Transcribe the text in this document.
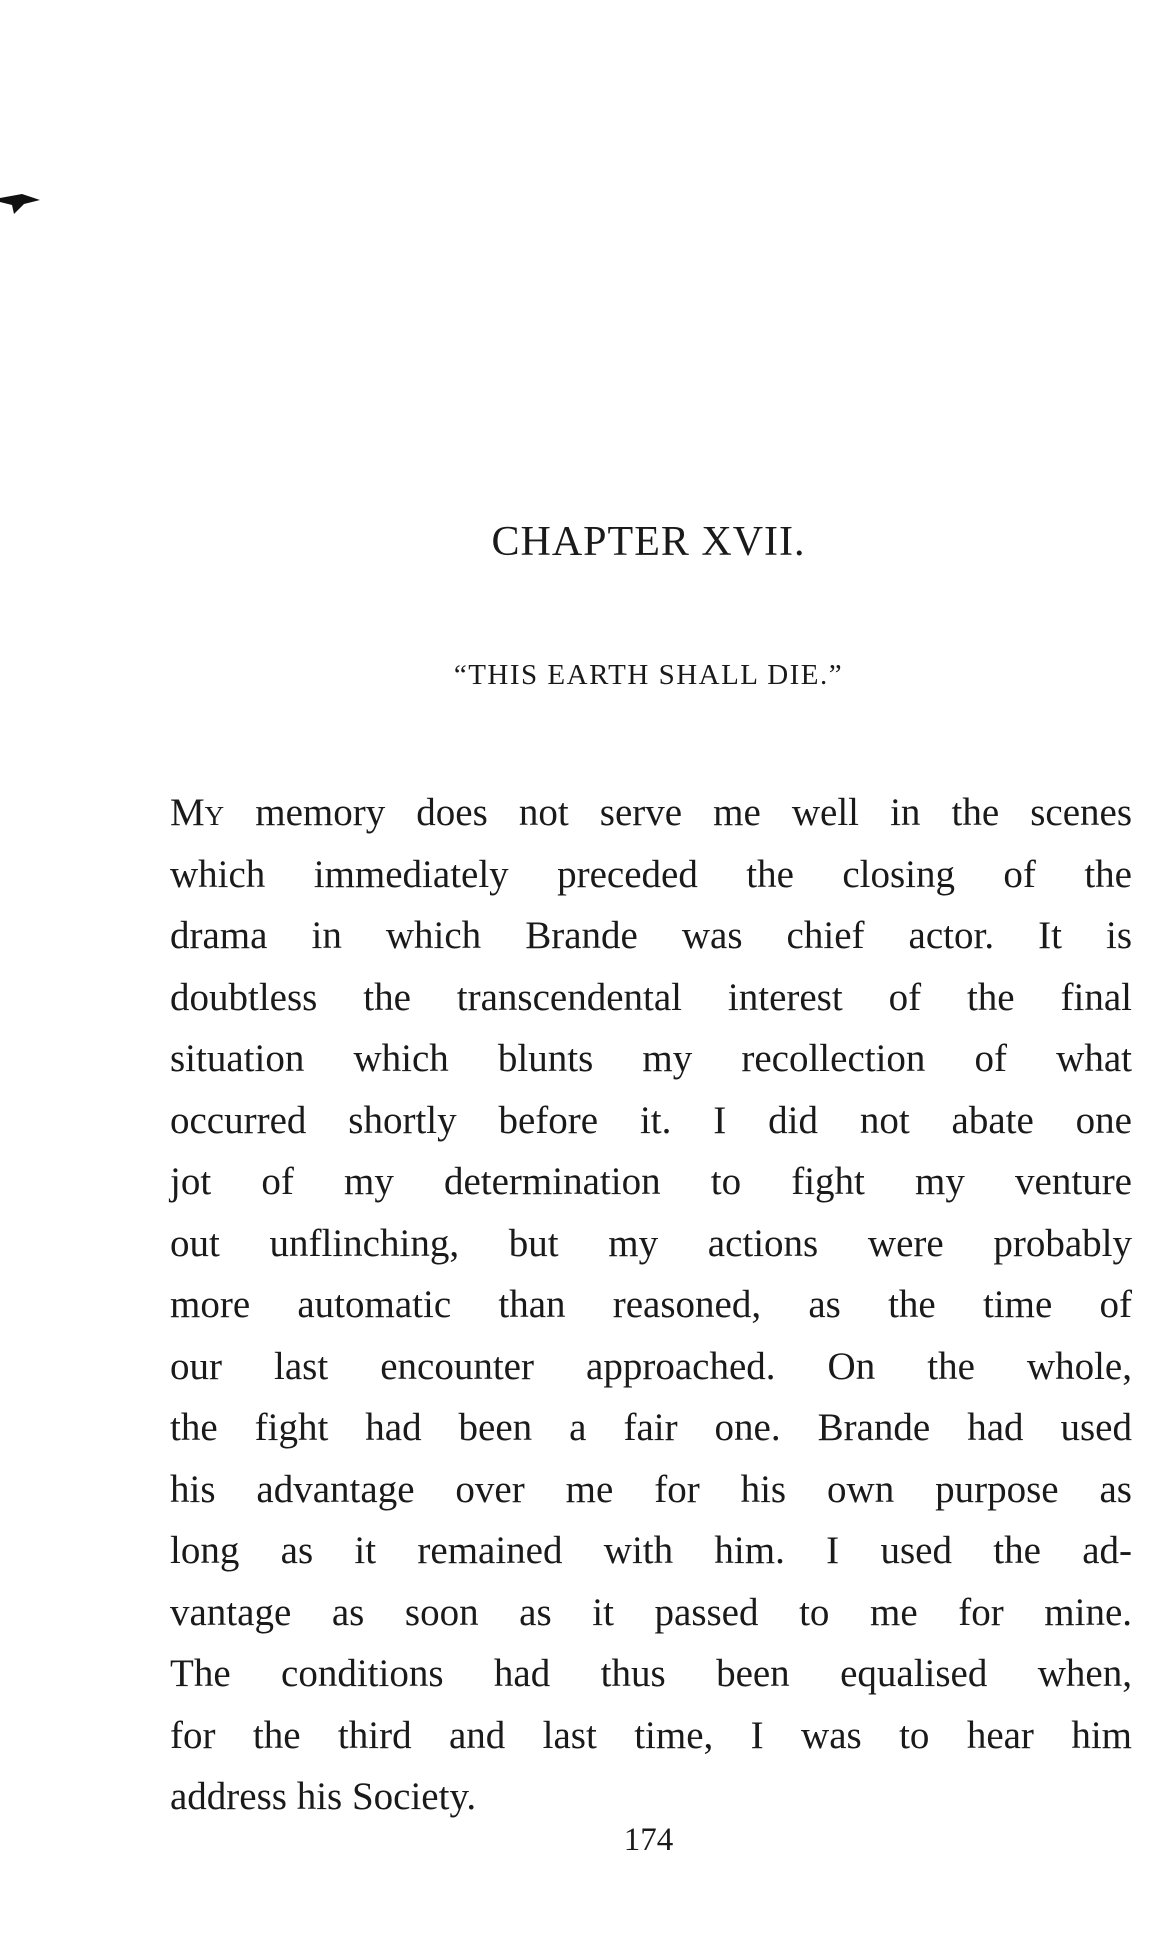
CHAPTER XVII.
“THIS EARTH SHALL DIE.”
My memory does not serve me well in the scenes
which immediately preceded the closing of the
drama in which Brande was chief actor. It is
doubtless the transcendental interest of the final
situation which blunts my recollection of what
occurred shortly before it. I did not abate one
jot of my determination to fight my venture
out unflinching, but my actions were probably
more automatic than reasoned, as the time of
our last encounter approached. On the whole,
the fight had been a fair one. Brande had used
his advantage over me for his own purpose as
long as it remained with him. I used the ad-
vantage as soon as it passed to me for mine.
The conditions had thus been equalised when,
for the third and last time, I was to hear him
address his Society.
174
